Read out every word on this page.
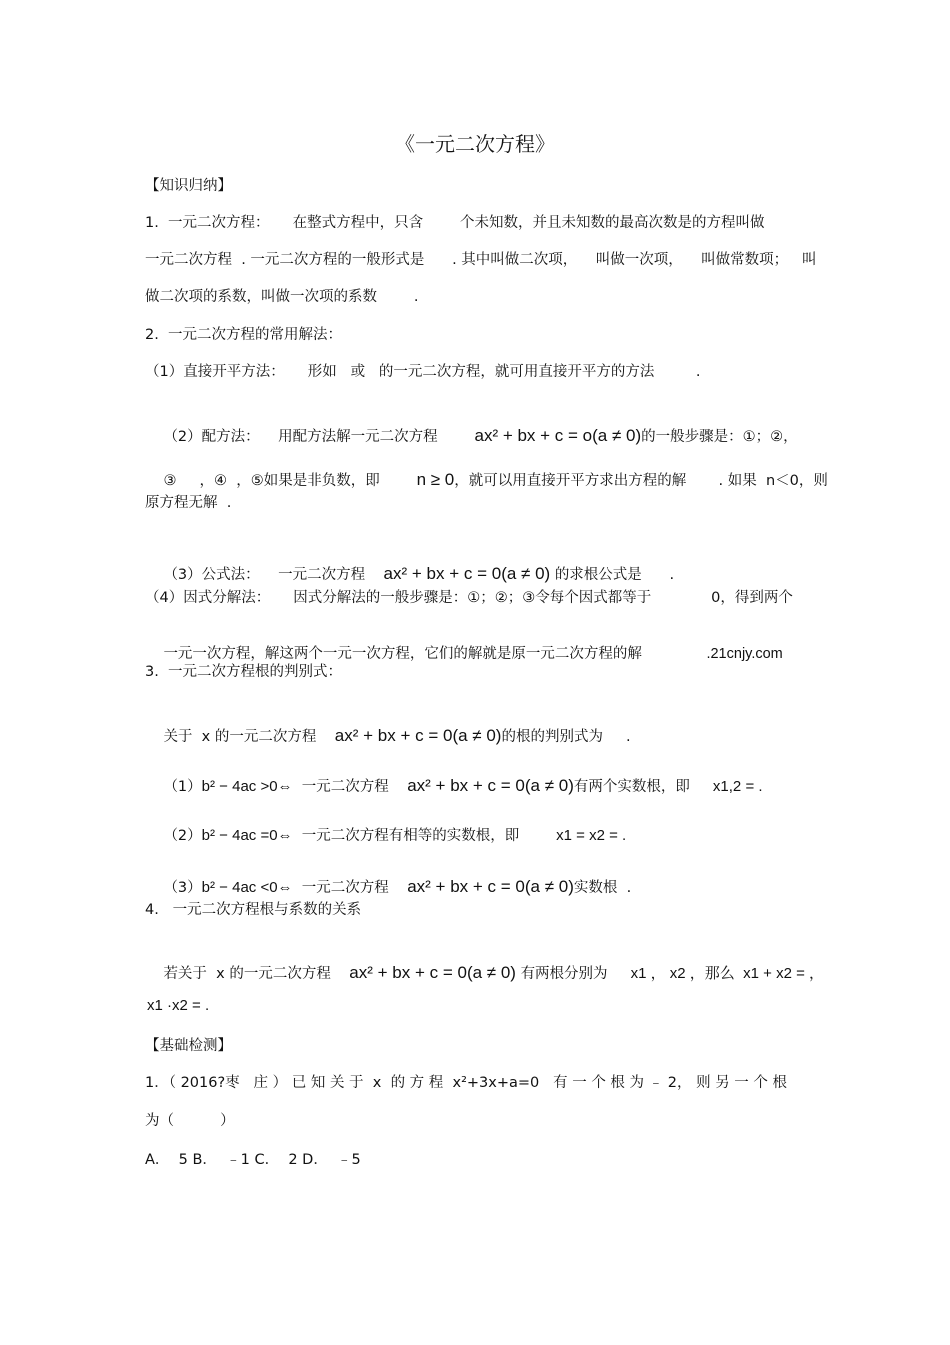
《一元二次方程》
【知识归纳】
1.  一元二次方程：     在整式方程中，只含        个未知数，并且未知数的最高次数是的方程叫做
一元二次方程  . 一元二次方程的一般形式是      . 其中叫做二次项，    叫做一次项，    叫做常数项；   叫
做二次项的系数，叫做一次项的系数        .
2.  一元二次方程的常用解法：
（1）直接开平方法：     形如   或   的一元二次方程，就可用直接开平方的方法         .

（2）配方法：    用配方法解一元二次方程 ax² + bx + c = o(a ≠ 0)的一般步骤是：①；②，

③     ，④  ，⑤如果是非负数，即 n ≥ 0，就可以用直接开平方求出方程的解       . 如果  n＜0，则

原方程无解  .

（3）公式法：    一元二次方程 ax² + bx + c = 0(a ≠ 0) 的求根公式是      .

（4）因式分解法：     因式分解法的一般步骤是：①；②；③令每个因式都等于             0，得到两个

一元一次方程，解这两个一元一次方程，它们的解就是原一元二次方程的解	.21cnjy.com

3.  一元二次方程根的判别式：

关于  x 的一元二次方程 ax² + bx + c = 0(a ≠ 0)的根的判别式为     .

（1）b² − 4ac >0⇔ 一元二次方程 ax² + bx + c = 0(a ≠ 0)有两个实数根，即 x1,2 = .

（2）b² − 4ac =0⇔ 一元二次方程有相等的实数根，即 x1 = x2 = .

（3）b² − 4ac <0⇔ 一元二次方程 ax² + bx + c = 0(a ≠ 0)实数根  .

4.   一元二次方程根与系数的关系

若关于  x 的一元二次方程 ax² + bx + c = 0(a ≠ 0) 有两根分别为 x1 ， x2 ，那么  x1 + x2 = ，

x1 ·x2 = .
【基础检测】
1．（ 2016?枣   庄 ） 已 知 关 于  x  的 方 程  x²+3x+a=0   有 一 个 根 为 ﹣ 2， 则 另 一 个 根
为（          ）
A．  5 B．  ﹣1 C．  2 D．  ﹣5
